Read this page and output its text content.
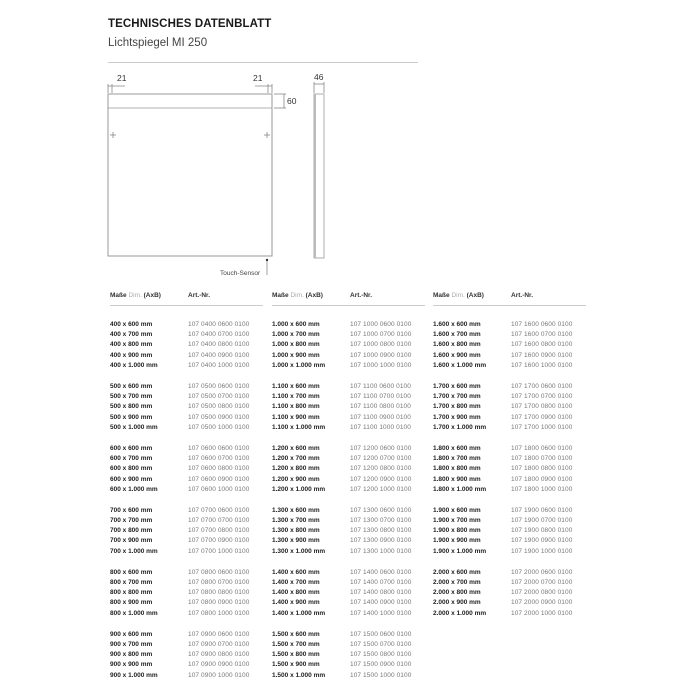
TECHNISCHES DATENBLATT
Lichtspiegel MI 250
21	21
60
46
Touch-Sensor
Maße Dim. (AxB)	Art.-Nr.
400 x 600 mm	107 0400 0600 0100
400 x 700 mm	107 0400 0700 0100
400 x 800 mm	107 0400 0800 0100
400 x 900 mm	107 0400 0900 0100
400 x 1.000 mm	107 0400 1000 0100
500 x 600 mm	107 0500 0600 0100
500 x 700 mm	107 0500 0700 0100
500 x 800 mm	107 0500 0800 0100
500 x 900 mm	107 0500 0900 0100
500 x 1.000 mm	107 0500 1000 0100
600 x 600 mm	107 0600 0600 0100
600 x 700 mm	107 0600 0700 0100
600 x 800 mm	107 0600 0800 0100
600 x 900 mm	107 0600 0900 0100
600 x 1.000 mm	107 0600 1000 0100
700 x 600 mm	107 0700 0600 0100
700 x 700 mm	107 0700 0700 0100
700 x 800 mm	107 0700 0800 0100
700 x 900 mm	107 0700 0900 0100
700 x 1.000 mm	107 0700 1000 0100
800 x 600 mm	107 0800 0600 0100
800 x 700 mm	107 0800 0700 0100
800 x 800 mm	107 0800 0800 0100
800 x 900 mm	107 0800 0900 0100
800 x 1.000 mm	107 0800 1000 0100
900 x 600 mm	107 0900 0600 0100
900 x 700 mm	107 0900 0700 0100
900 x 800 mm	107 0900 0800 0100
900 x 900 mm	107 0900 0900 0100
900 x 1.000 mm	107 0900 1000 0100
Maße Dim. (AxB)	Art.-Nr.
1.000 x 600 mm	107 1000 0600 0100
1.000 x 700 mm	107 1000 0700 0100
1.000 x 800 mm	107 1000 0800 0100
1.000 x 900 mm	107 1000 0900 0100
1.000 x 1.000 mm	107 1000 1000 0100
1.100 x 600 mm	107 1100 0600 0100
1.100 x 700 mm	107 1100 0700 0100
1.100 x 800 mm	107 1100 0800 0100
1.100 x 900 mm	107 1100 0900 0100
1.100 x 1.000 mm	107 1100 1000 0100
1.200 x 600 mm	107 1200 0600 0100
1.200 x 700 mm	107 1200 0700 0100
1.200 x 800 mm	107 1200 0800 0100
1.200 x 900 mm	107 1200 0900 0100
1.200 x 1.000 mm	107 1200 1000 0100
1.300 x 600 mm	107 1300 0600 0100
1.300 x 700 mm	107 1300 0700 0100
1.300 x 800 mm	107 1300 0800 0100
1.300 x 900 mm	107 1300 0900 0100
1.300 x 1.000 mm	107 1300 1000 0100
1.400 x 600 mm	107 1400 0600 0100
1.400 x 700 mm	107 1400 0700 0100
1.400 x 800 mm	107 1400 0800 0100
1.400 x 900 mm	107 1400 0900 0100
1.400 x 1.000 mm	107 1400 1000 0100
1.500 x 600 mm	107 1500 0600 0100
1.500 x 700 mm	107 1500 0700 0100
1.500 x 800 mm	107 1500 0800 0100
1.500 x 900 mm	107 1500 0900 0100
1.500 x 1.000 mm	107 1500 1000 0100
Maße Dim. (AxB)	Art.-Nr.
1.600 x 600 mm	107 1600 0600 0100
1.600 x 700 mm	107 1600 0700 0100
1.600 x 800 mm	107 1600 0800 0100
1.600 x 900 mm	107 1600 0900 0100
1.600 x 1.000 mm	107 1600 1000 0100
1.700 x 600 mm	107 1700 0600 0100
1.700 x 700 mm	107 1700 0700 0100
1.700 x 800 mm	107 1700 0800 0100
1.700 x 900 mm	107 1700 0900 0100
1.700 x 1.000 mm	107 1700 1000 0100
1.800 x 600 mm	107 1800 0600 0100
1.800 x 700 mm	107 1800 0700 0100
1.800 x 800 mm	107 1800 0800 0100
1.800 x 900 mm	107 1800 0900 0100
1.800 x 1.000 mm	107 1800 1000 0100
1.900 x 600 mm	107 1900 0600 0100
1.900 x 700 mm	107 1900 0700 0100
1.900 x 800 mm	107 1900 0800 0100
1.900 x 900 mm	107 1900 0900 0100
1.900 x 1.000 mm	107 1900 1000 0100
2.000 x 600 mm	107 2000 0600 0100
2.000 x 700 mm	107 2000 0700 0100
2.000 x 800 mm	107 2000 0800 0100
2.000 x 900 mm	107 2000 0900 0100
2.000 x 1.000 mm	107 2000 1000 0100
